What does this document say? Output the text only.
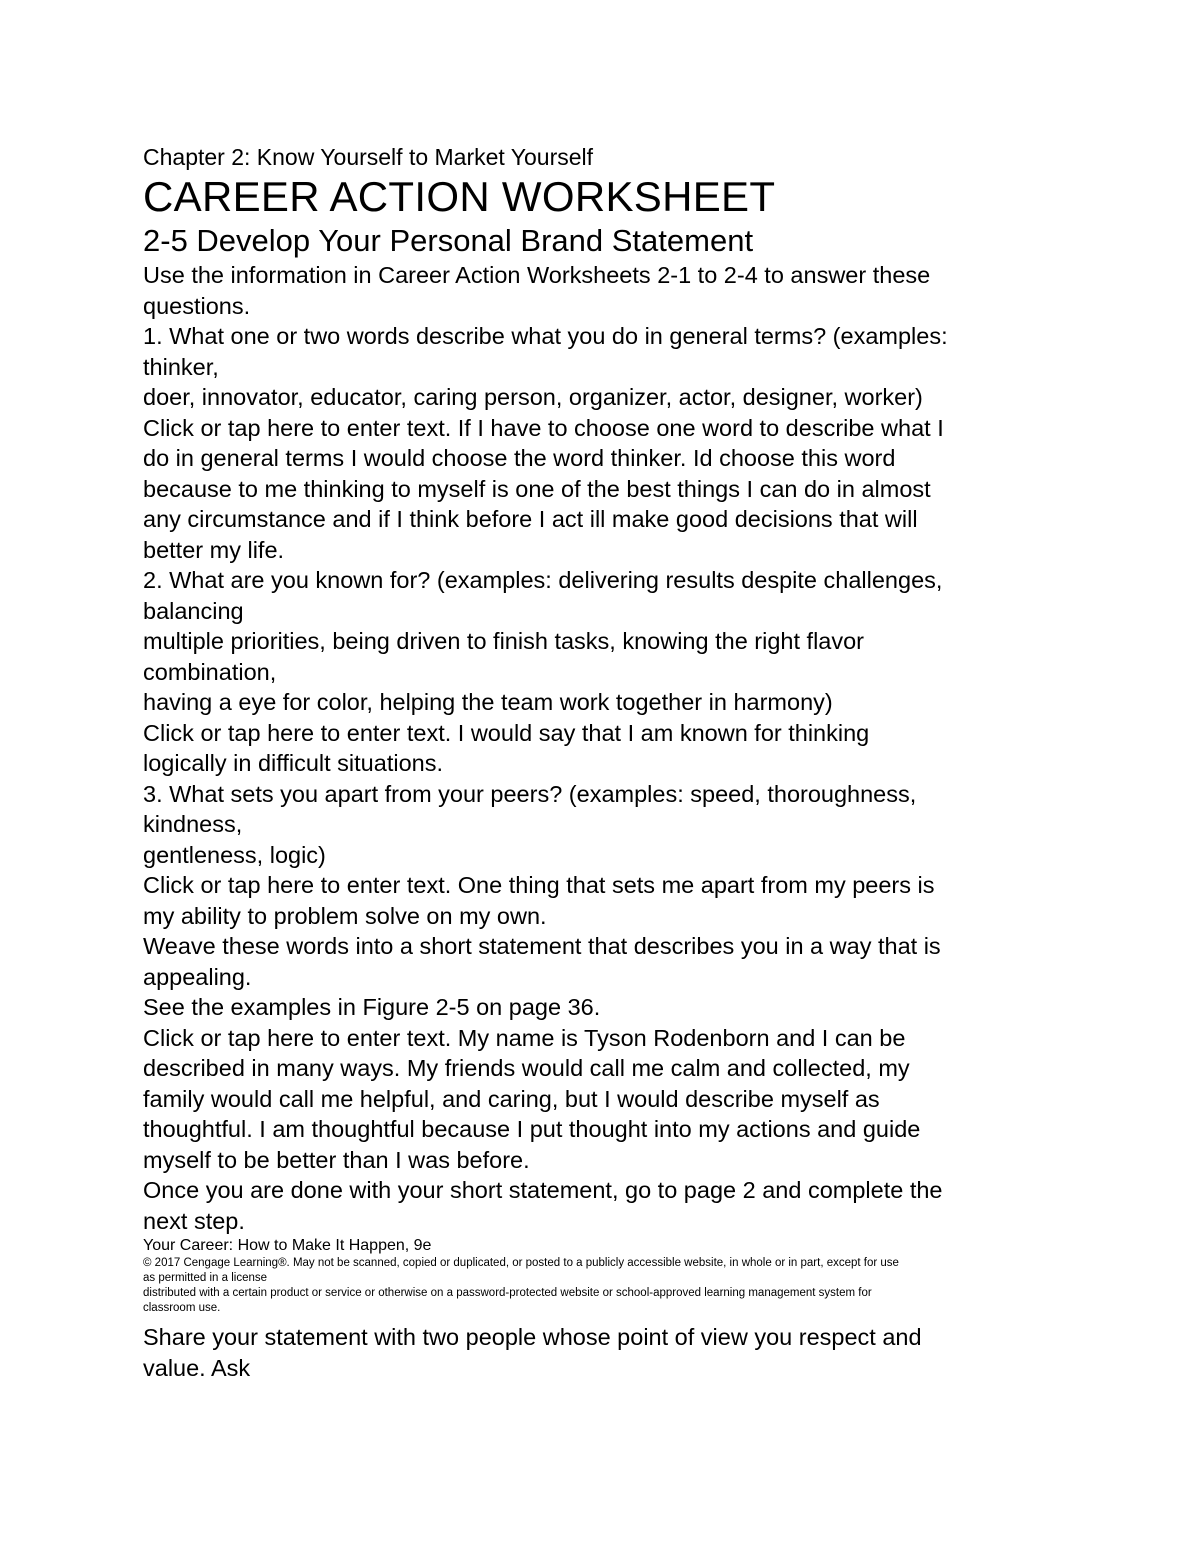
Chapter 2: Know Yourself to Market Yourself

CAREER ACTION WORKSHEET
2-5 Develop Your Personal Brand Statement

Use the information in Career Action Worksheets 2-1 to 2-4 to answer these

questions.

1. What one or two words describe what you do in general terms? (examples:

thinker,

doer, innovator, educator, caring person, organizer, actor, designer, worker)

Click or tap here to enter text. If I have to choose one word to describe what I

do in general terms I would choose the word thinker. Id choose this word

because to me thinking to myself is one of the best things I can do in almost

any circumstance and if I think before I act ill make good decisions that will

better my life.

2. What are you known for? (examples: delivering results despite challenges,

balancing

multiple priorities, being driven to finish tasks, knowing the right flavor

combination,

having a eye for color, helping the team work together in harmony)

Click or tap here to enter text. I would say that I am known for thinking

logically in difficult situations.

3. What sets you apart from your peers? (examples: speed, thoroughness,

kindness,

gentleness, logic)

Click or tap here to enter text. One thing that sets me apart from my peers is

my ability to problem solve on my own.

Weave these words into a short statement that describes you in a way that is

appealing.

See the examples in Figure 2-5 on page 36.

Click or tap here to enter text. My name is Tyson Rodenborn and I can be

described in many ways. My friends would call me calm and collected, my

family would call me helpful, and caring, but I would describe myself as

thoughtful. I am thoughtful because I put thought into my actions and guide

myself to be better than I was before.

Once you are done with your short statement, go to page 2 and complete the

next step.

Your Career: How to Make It Happen, 9e

© 2017 Cengage Learning®. May not be scanned, copied or duplicated, or posted to a publicly accessible website, in whole or in part, except for use

as permitted in a license

distributed with a certain product or service or otherwise on a password-protected website or school-approved learning management system for

classroom use.

Share your statement with two people whose point of view you respect and

value. Ask
